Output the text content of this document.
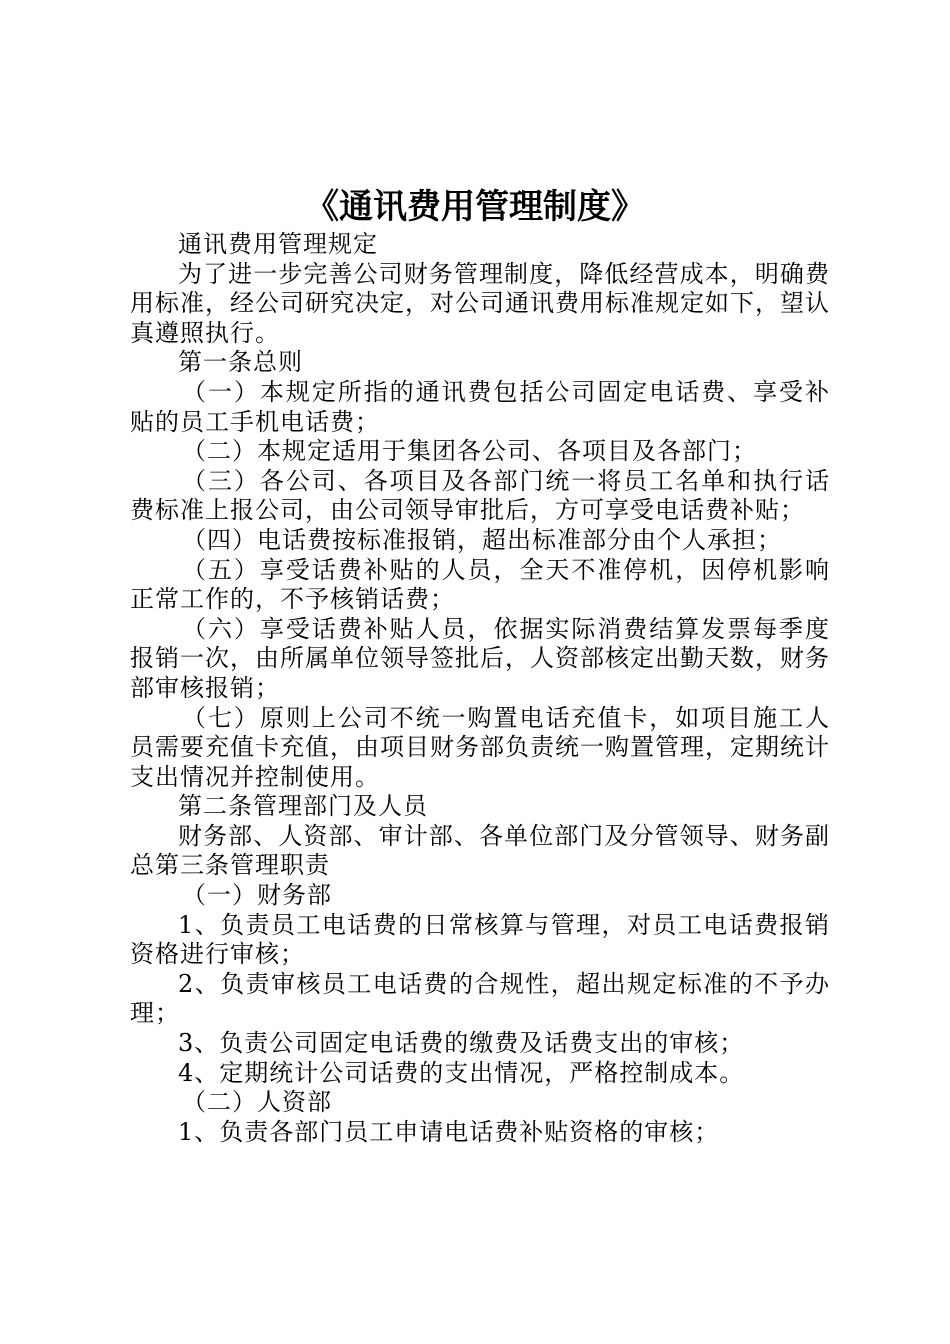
《通讯费用管理制度》

通讯费用管理规定

为了进一步完善公司财务管理制度，降低经营成本，明确费用标准，经公司研究决定，对公司通讯费用标准规定如下，望认真遵照执行。

第一条总则

（一）本规定所指的通讯费包括公司固定电话费、享受补贴的员工手机电话费；

（二）本规定适用于集团各公司、各项目及各部门；

（三）各公司、各项目及各部门统一将员工名单和执行话费标准上报公司，由公司领导审批后，方可享受电话费补贴；

（四）电话费按标准报销，超出标准部分由个人承担；

（五）享受话费补贴的人员，全天不准停机，因停机影响正常工作的，不予核销话费；

（六）享受话费补贴人员，依据实际消费结算发票每季度报销一次，由所属单位领导签批后，人资部核定出勤天数，财务部审核报销；

（七）原则上公司不统一购置电话充值卡，如项目施工人员需要充值卡充值，由项目财务部负责统一购置管理，定期统计支出情况并控制使用。

第二条管理部门及人员

财务部、人资部、审计部、各单位部门及分管领导、财务副总第三条管理职责

（一）财务部

1、负责员工电话费的日常核算与管理，对员工电话费报销资格进行审核；

2、负责审核员工电话费的合规性，超出规定标准的不予办理；

3、负责公司固定电话费的缴费及话费支出的审核；

4、定期统计公司话费的支出情况，严格控制成本。

（二）人资部

1、负责各部门员工申请电话费补贴资格的审核；
